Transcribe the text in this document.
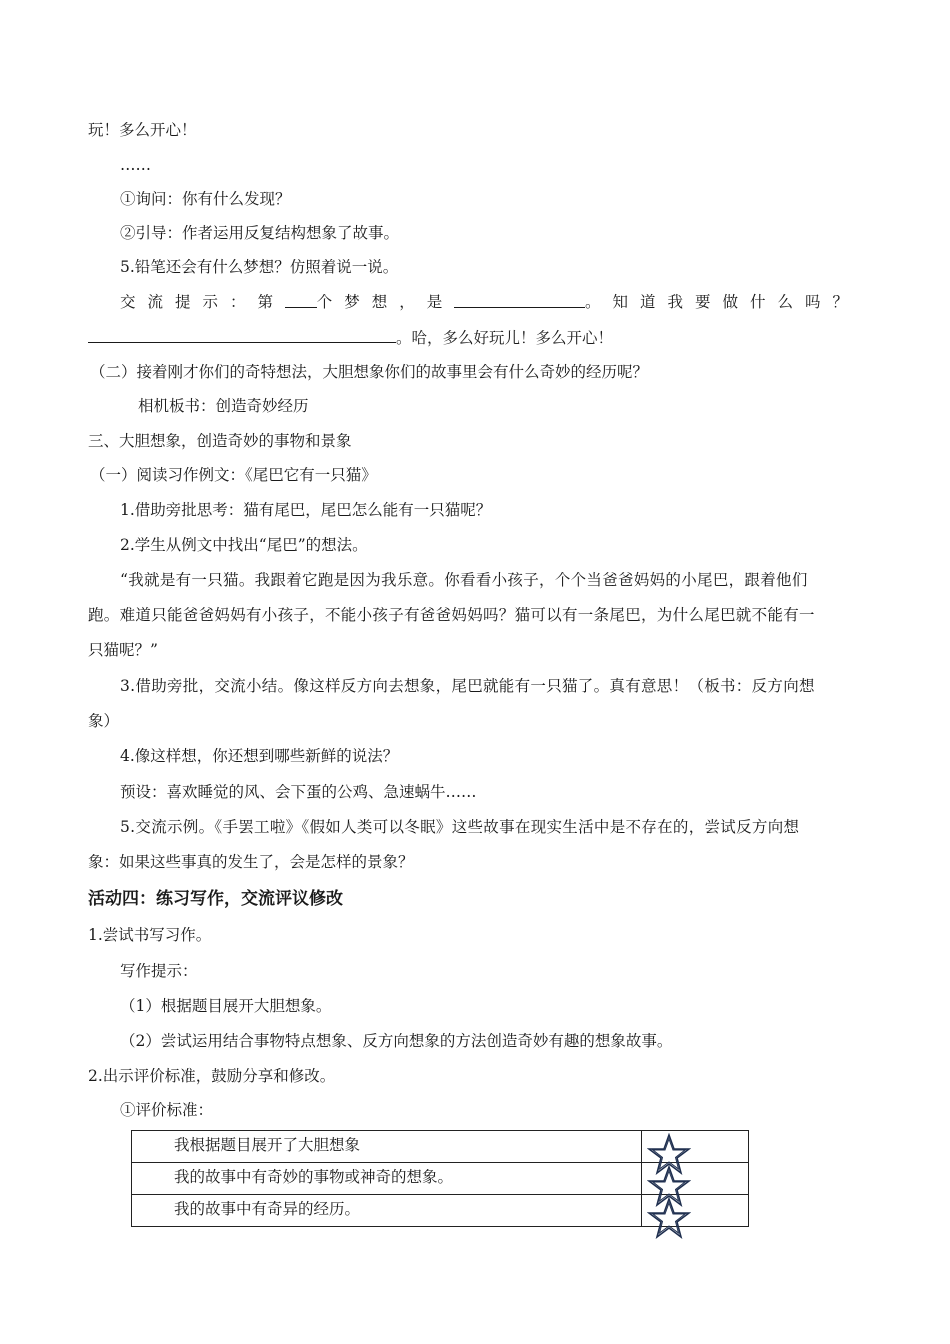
玩！多么开心！
……
①询问：你有什么发现？
②引导：作者运用反复结构想象了故事。
5.铅笔还会有什么梦想？仿照着说一说。
交流提示：第 个梦想，是	。知道我要做什么吗？
。哈，多么好玩儿！多么开心！
（二）接着刚才你们的奇特想法，大胆想象你们的故事里会有什么奇妙的经历呢？
相机板书：创造奇妙经历
三、大胆想象，创造奇妙的事物和景象
（一）阅读习作例文：《尾巴它有一只猫》
1.借助旁批思考：猫有尾巴，尾巴怎么能有一只猫呢？
2.学生从例文中找出“尾巴”的想法。
“我就是有一只猫。我跟着它跑是因为我乐意。你看看小孩子，个个当爸爸妈妈的小尾巴，跟着他们
跑。难道只能爸爸妈妈有小孩子，不能小孩子有爸爸妈妈吗？猫可以有一条尾巴，为什么尾巴就不能有一
只猫呢？”
3.借助旁批，交流小结。像这样反方向去想象，尾巴就能有一只猫了。真有意思！（板书：反方向想
象）
4.像这样想，你还想到哪些新鲜的说法？
预设：喜欢睡觉的风、会下蛋的公鸡、急速蜗牛……
5.交流示例。《手罢工啦》《假如人类可以冬眠》这些故事在现实生活中是不存在的，尝试反方向想
象：如果这些事真的发生了，会是怎样的景象？
活动四：练习写作，交流评议修改
1.尝试书写习作。
写作提示：
（1）根据题目展开大胆想象。
（2）尝试运用结合事物特点想象、反方向想象的方法创造奇妙有趣的想象故事。
2.出示评价标准，鼓励分享和修改。
①评价标准：
我根据题目展开了大胆想象	

我的故事中有奇妙的事物或神奇的想象。	

我的故事中有奇异的经历。	
